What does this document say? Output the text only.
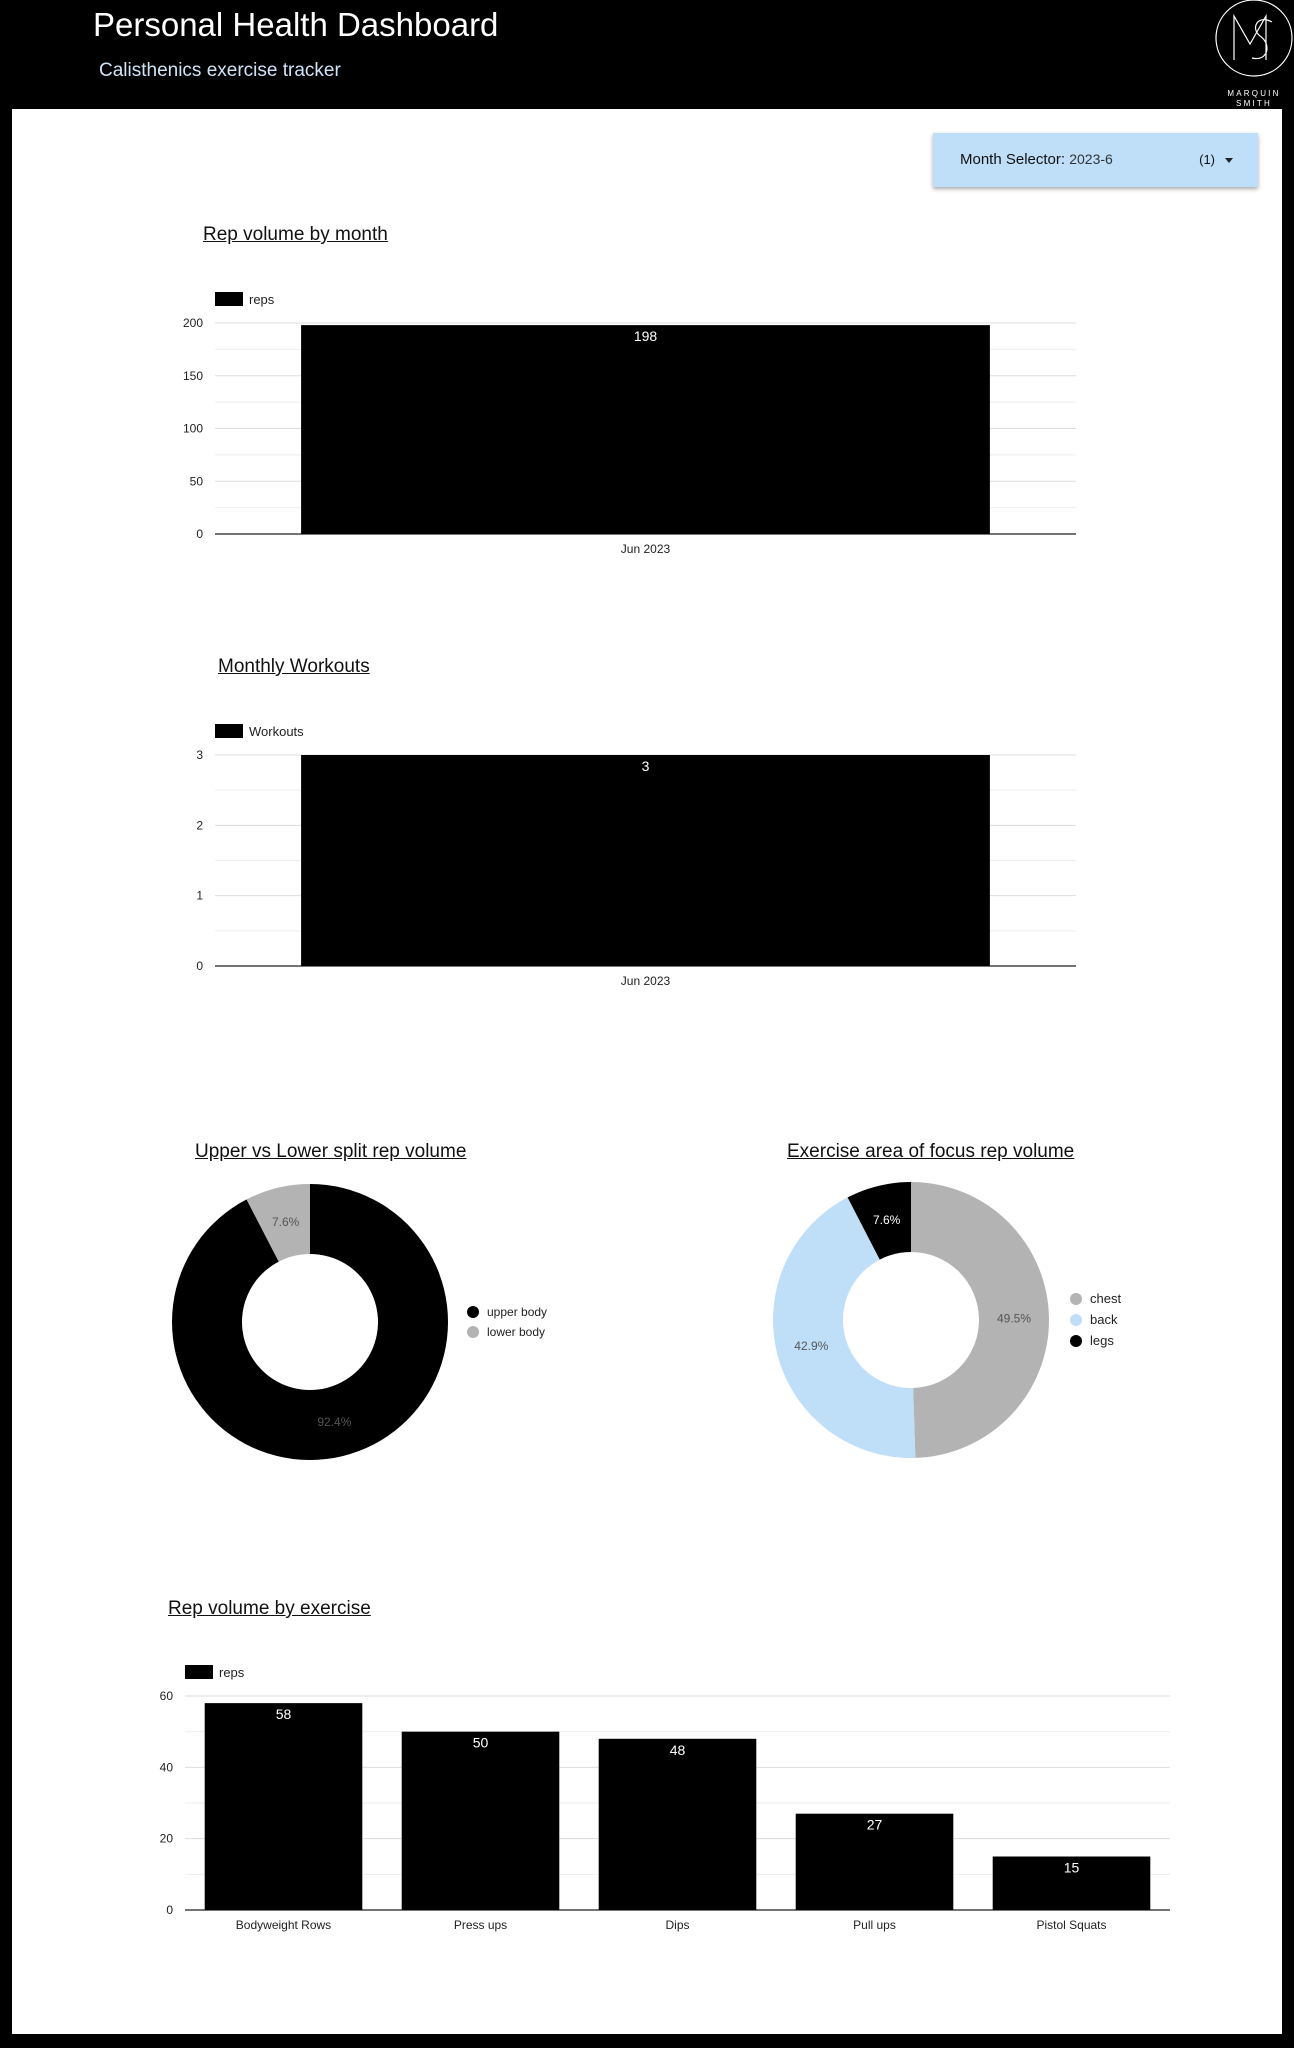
Personal Health Dashboard
Calisthenics exercise tracker
MARQUIN
SMITH
Month Selector: 2023-6	(1)
Rep volume by month
0
50
100
150
200
reps
198
Jun 2023
Monthly Workouts
0
1
2
3
Workouts
3
Jun 2023
Upper vs Lower split rep volume
92.4%
7.6%
upper body
lower body
Exercise area of focus rep volume
49.5%
42.9%
7.6%
chest
back
legs
Rep volume by exercise
0
20
40
60
reps
58
Bodyweight Rows
50
Press ups
48
Dips
27
Pull ups
15
Pistol Squats
